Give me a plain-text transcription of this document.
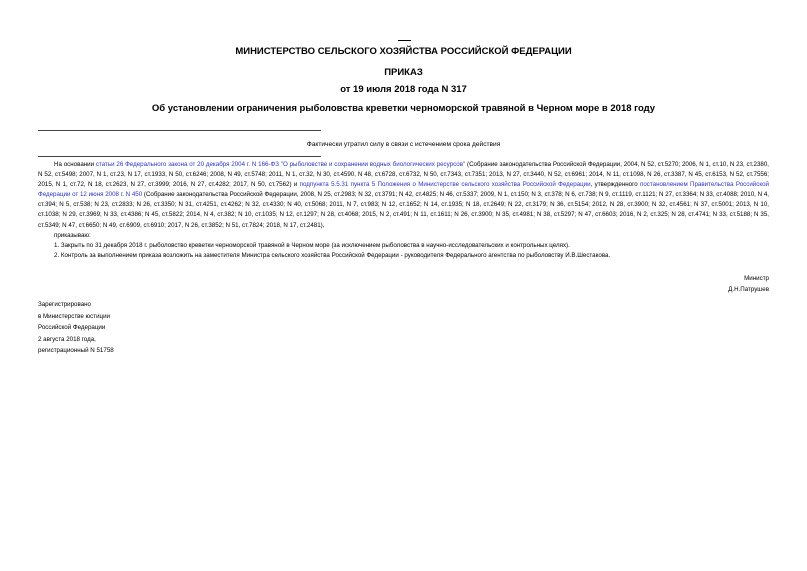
МИНИСТЕРСТВО СЕЛЬСКОГО ХОЗЯЙСТВА РОССИЙСКОЙ ФЕДЕРАЦИИ
ПРИКАЗ
от 19 июля 2018 года N 317
Об установлении ограничения рыболовства креветки черноморской травяной в Черном море в 2018 году
Фактически утратил силу в связи с истечением срока действия

На основании статьи 26 Федерального закона от 20 декабря 2004 г. N 166-ФЗ "О рыболовстве и сохранении водных биологических ресурсов" (Собрание законодательства Российской Федерации, 2004, N 52, ст.5270; 2006, N 1, ст.10, N 23, ст.2380, N 52, ст.5498; 2007, N 1, ст.23, N 17, ст.1933, N 50, ст.6246; 2008, N 49, ст.5748; 2011, N 1, ст.32, N 30, ст.4590, N 48, ст.6728, ст.6732, N 50, ст.7343, ст.7351; 2013, N 27, ст.3440, N 52, ст.6961; 2014, N 11, ст.1098, N 26, ст.3387, N 45, ст.6153, N 52, ст.7556; 2015, N 1, ст.72, N 18, ст.2623, N 27, ст.3999; 2016, N 27, ст.4282; 2017, N 50, ст.7562) и подпункта 5.5.31 пункта 5 Положения о Министерстве сельского хозяйства Российской Федерации, утвержденного постановлением Правительства Российской Федерации от 12 июня 2008 г. N 450 (Собрание законодательства Российской Федерации, 2008, N 25, ст.2983; N 32, ст.3791; N 42, ст.4825; N 46, ст.5337; 2009, N 1, ст.150; N 3, ст.378; N 6, ст.738; N 9, ст.1119, ст.1121; N 27, ст.3364; N 33, ст.4088; 2010, N 4, ст.394; N 5, ст.538; N 23, ст.2833; N 26, ст.3350; N 31, ст.4251, ст.4262; N 32, ст.4330; N 40, ст.5068; 2011, N 7, ст.983; N 12, ст.1652; N 14, ст.1935; N 18, ст.2649; N 22, ст.3179; N 36, ст.5154; 2012, N 28, ст.3900; N 32, ст.4561; N 37, ст.5001; 2013, N 10, ст.1038; N 29, ст.3969; N 33, ст.4386; N 45, ст.5822; 2014, N 4, ст.382; N 10, ст.1035; N 12, ст.1297; N 28, ст.4068; 2015, N 2, ст.491; N 11, ст.1611; N 26, ст.3900; N 35, ст.4981; N 38, ст.5297; N 47, ст.6603; 2016, N 2, ст.325; N 28, ст.4741; N 33, ст.5188; N 35, ст.5349; N 47, ст.6650; N 49, ст.6909, ст.6910; 2017, N 26, ст.3852; N 51, ст.7824; 2018, N 17, ст.2481),

приказываю:

1. Закрыть по 31 декабря 2018 г. рыболовство креветки черноморской травяной в Черном море (за исключением рыболовства в научно-исследовательских и контрольных целях).

2. Контроль за выполнением приказа возложить на заместителя Министра сельского хозяйства Российской Федерации - руководителя Федерального агентства по рыболовству И.В.Шестакова.

Министр
Д.Н.Патрушев
Зарегистрировано
в Министерстве юстиции
Российской Федерации
2 августа 2018 года,
регистрационный N 51758
